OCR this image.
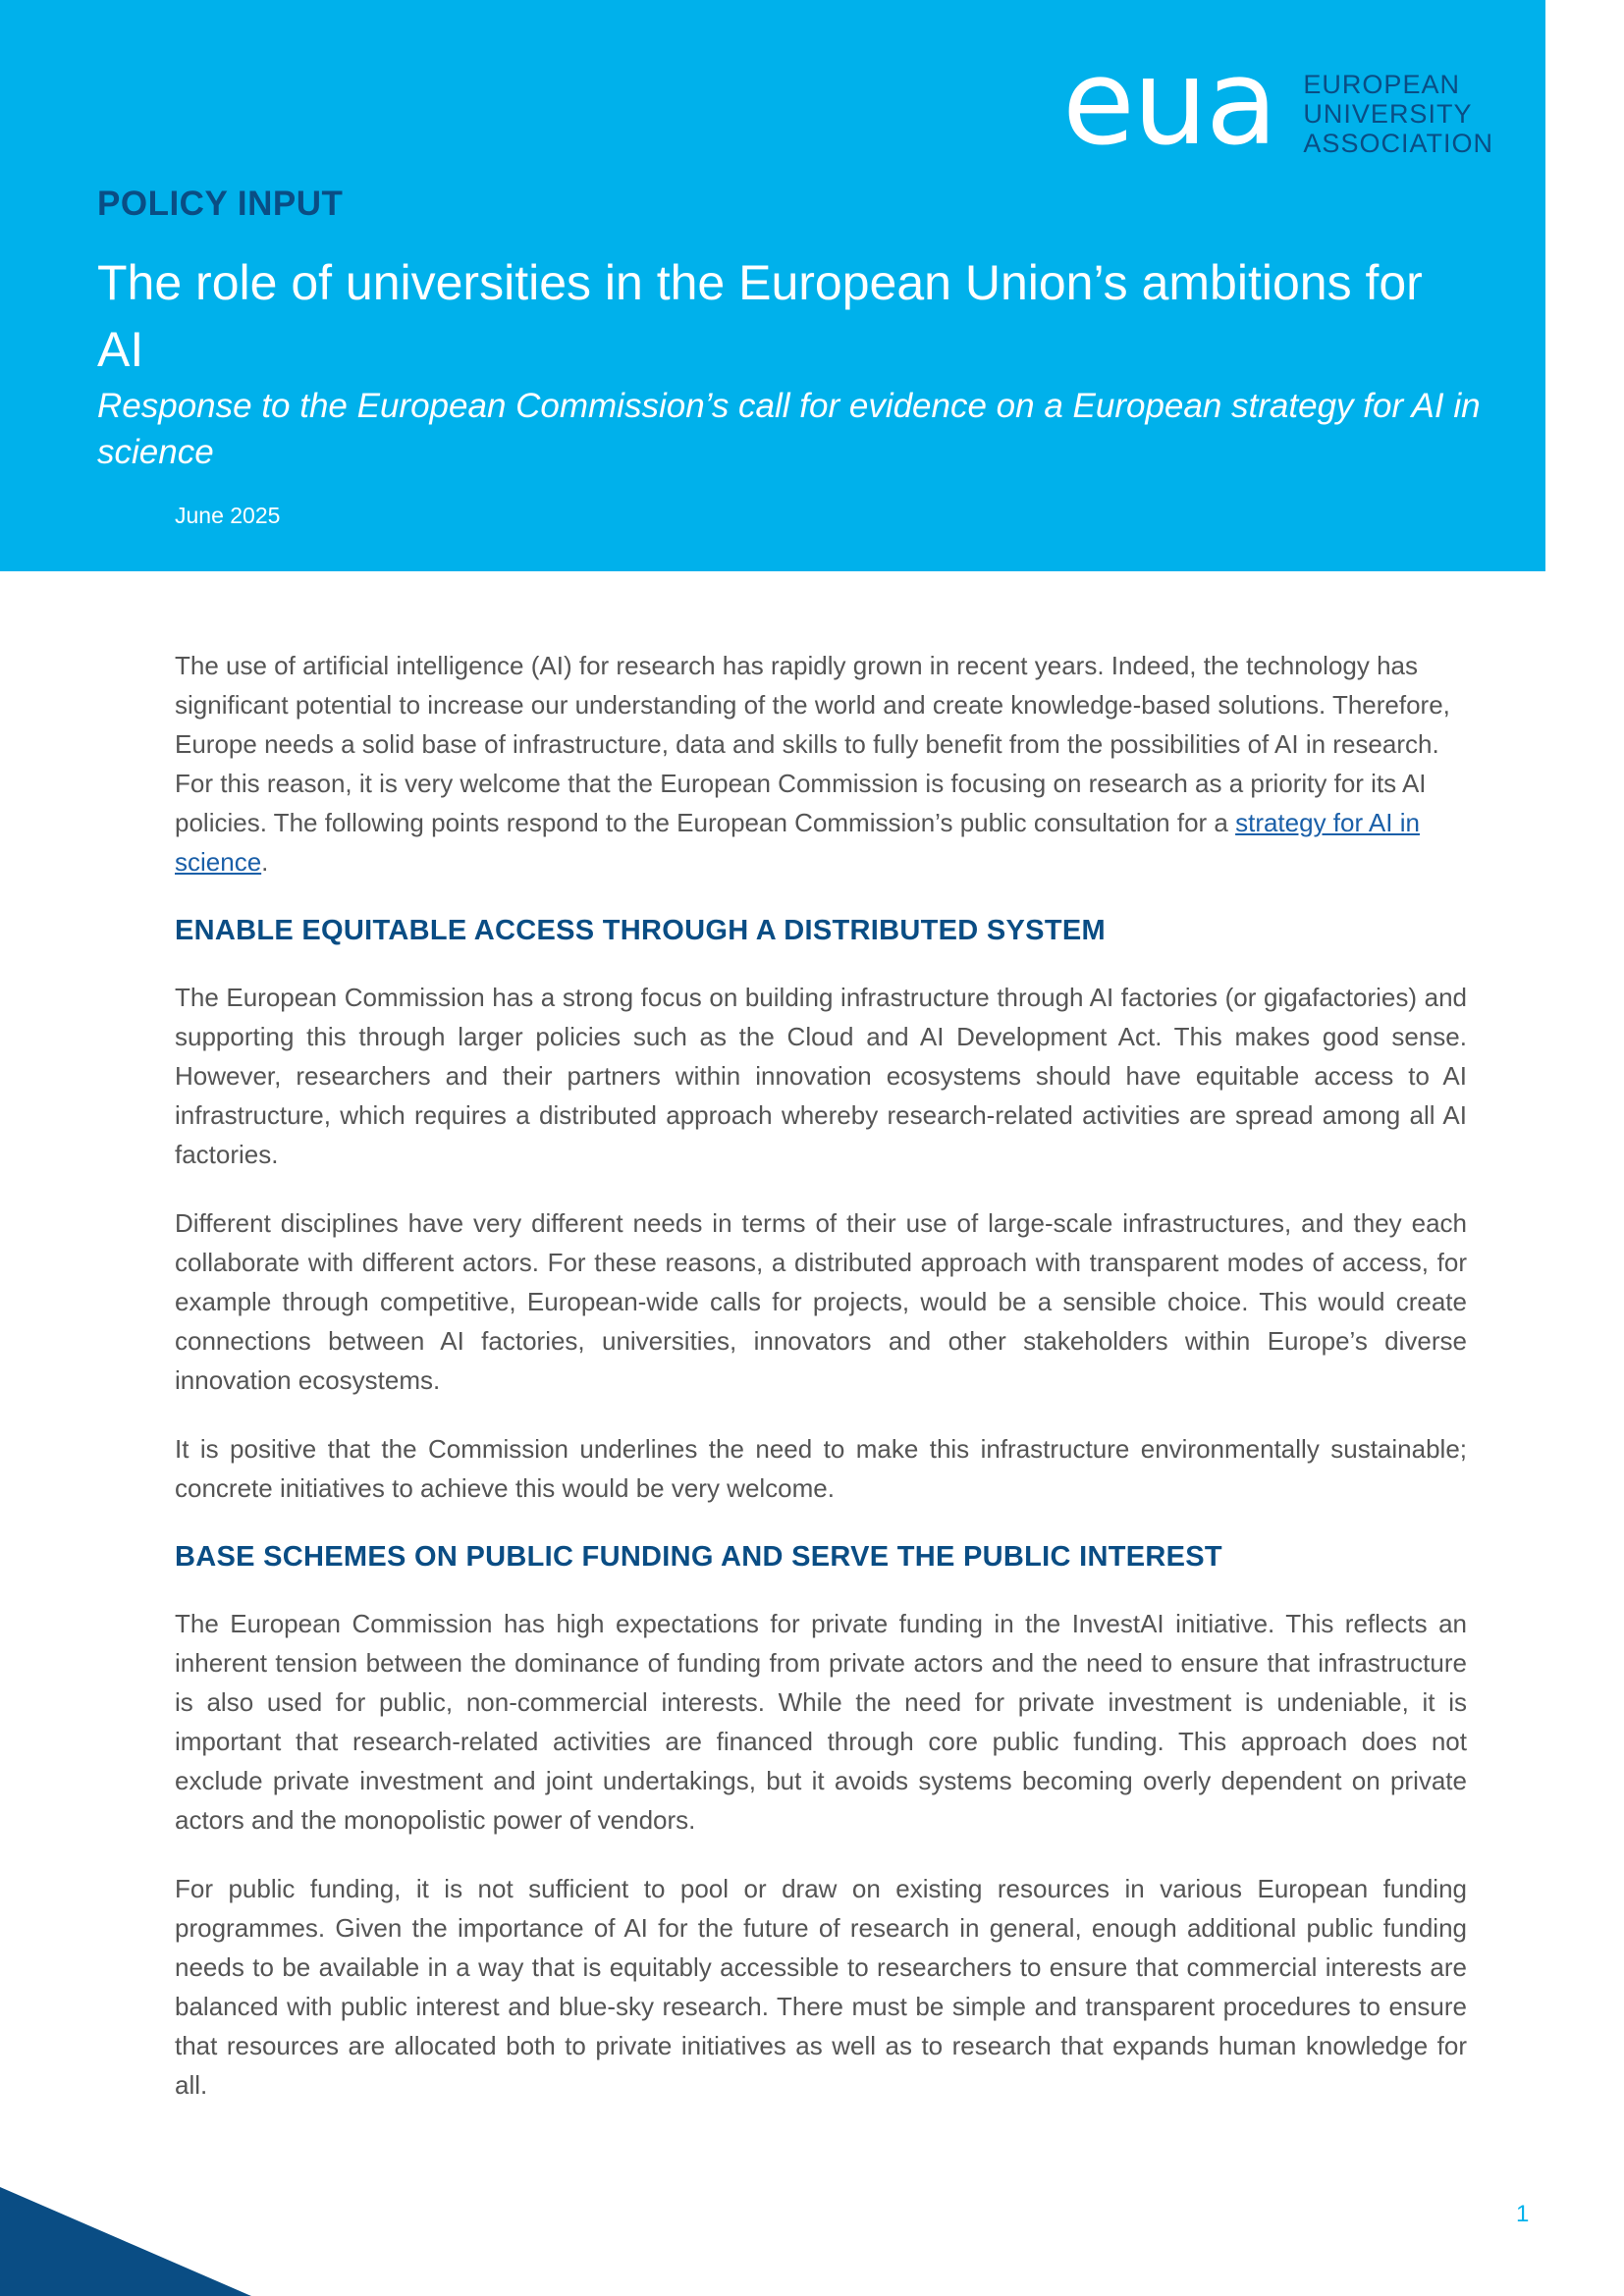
eua EUROPEAN
UNIVERSITY
ASSOCIATION

POLICY INPUT

The role of universities in the European Union’s ambitions for AI

Response to the European Commission’s call for evidence on a European strategy for AI in science

June 2025

The use of artificial intelligence (AI) for research has rapidly grown in recent years. Indeed, the technology has significant potential to increase our understanding of the world and create knowledge-based solutions. Therefore, Europe needs a solid base of infrastructure, data and skills to fully benefit from the possibilities of AI in research. For this reason, it is very welcome that the European Commission is focusing on research as a priority for its AI policies. The following points respond to the European Commission’s public consultation for a strategy for AI in science.

ENABLE EQUITABLE ACCESS THROUGH A DISTRIBUTED SYSTEM

The European Commission has a strong focus on building infrastructure through AI factories (or gigafactories) and supporting this through larger policies such as the Cloud and AI Development Act. This makes good sense. However, researchers and their partners within innovation ecosystems should have equitable access to AI infrastructure, which requires a distributed approach whereby research-related activities are spread among all AI factories.

Different disciplines have very different needs in terms of their use of large-scale infrastructures, and they each collaborate with different actors. For these reasons, a distributed approach with transparent modes of access, for example through competitive, European-wide calls for projects, would be a sensible choice. This would create connections between AI factories, universities, innovators and other stakeholders within Europe’s diverse innovation ecosystems.

It is positive that the Commission underlines the need to make this infrastructure environmentally sustainable; concrete initiatives to achieve this would be very welcome.

BASE SCHEMES ON PUBLIC FUNDING AND SERVE THE PUBLIC INTEREST

The European Commission has high expectations for private funding in the InvestAI initiative. This reflects an inherent tension between the dominance of funding from private actors and the need to ensure that infrastructure is also used for public, non-commercial interests. While the need for private investment is undeniable, it is important that research-related activities are financed through core public funding. This approach does not exclude private investment and joint undertakings, but it avoids systems becoming overly dependent on private actors and the monopolistic power of vendors.

For public funding, it is not sufficient to pool or draw on existing resources in various European funding programmes. Given the importance of AI for the future of research in general, enough additional public funding needs to be available in a way that is equitably accessible to researchers to ensure that commercial interests are balanced with public interest and blue-sky research. There must be simple and transparent procedures to ensure that resources are allocated both to private initiatives as well as to research that expands human knowledge for all.

1
